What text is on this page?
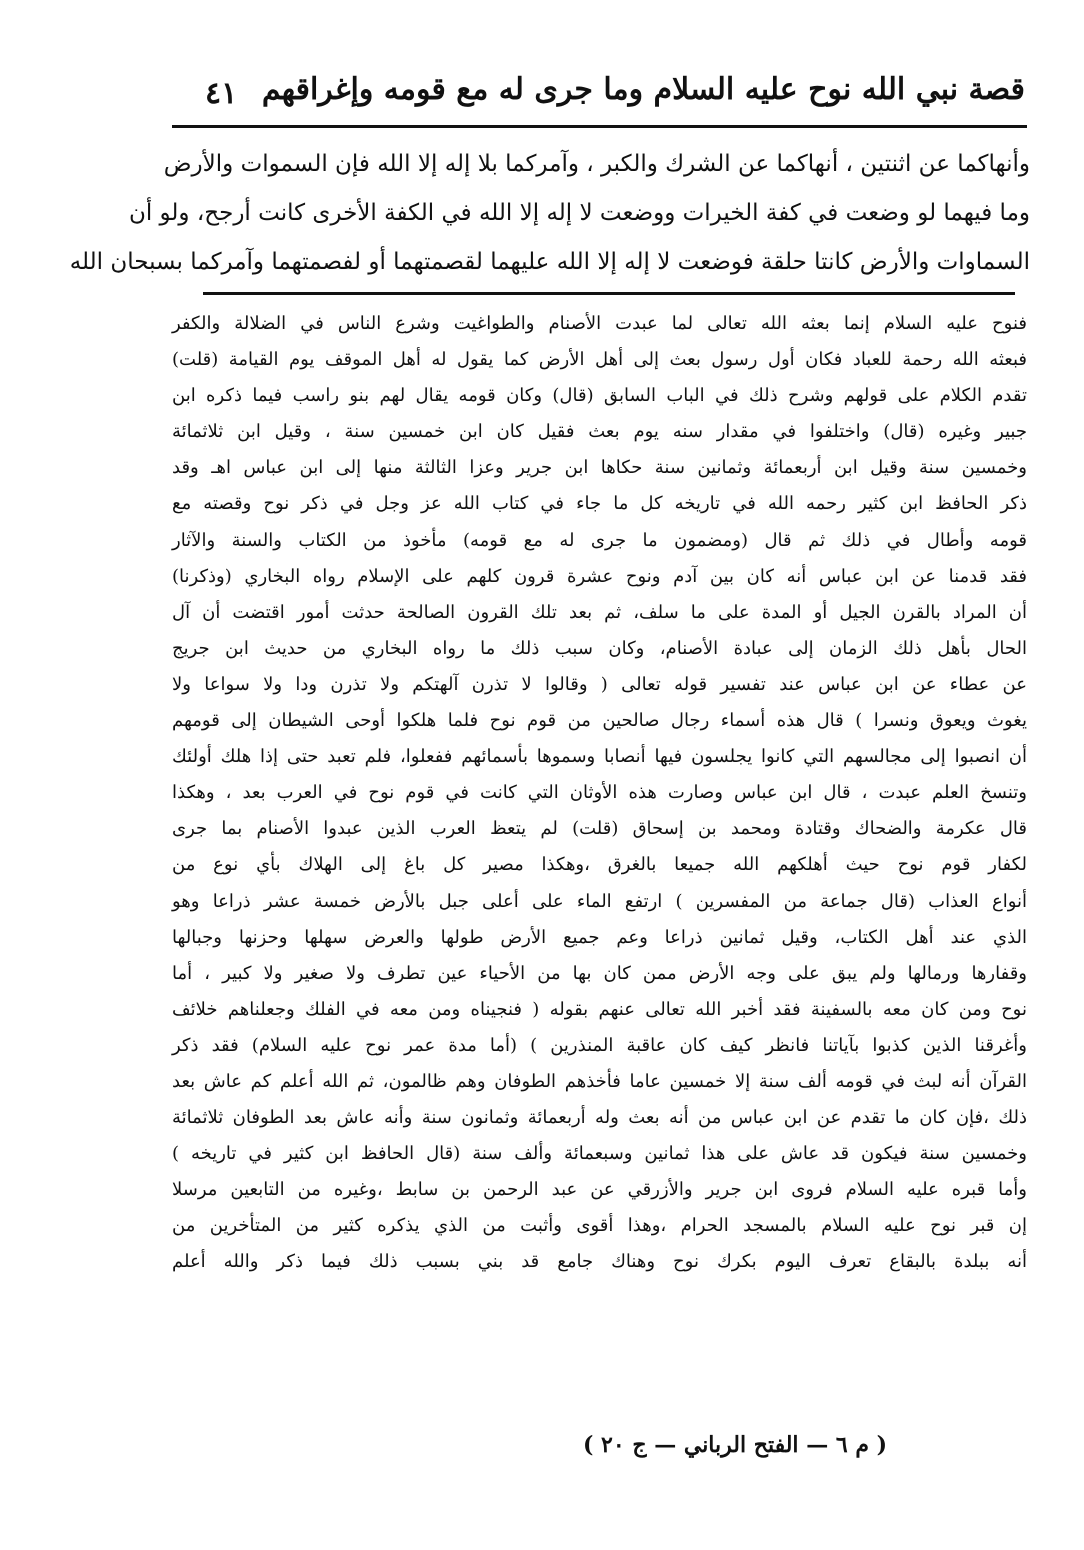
٤١ قصة نبي الله نوح عليه السلام وما جرى له مع قومه وإغراقهم
وأنهاكما عن اثنتين ، أنهاكما عن الشرك والكبر ، وآمركما بلا إله إلا الله فإن السموات والأرض
وما فيهما لو وضعت في كفة الخيرات ووضعت لا إله إلا الله في الكفة الأخرى كانت أرجح، ولو أن
السماوات والأرض كانتا حلقة فوضعت لا إله إلا الله عليهما لقصمتهما أو لفصمتهما وآمركما بسبحان الله
فنوح عليه السلام إنما بعثه الله تعالى لما عبدت الأصنام والطواغيت وشرع الناس في الضلالة والكفر
فبعثه الله رحمة للعباد فكان أول رسول بعث إلى أهل الأرض كما يقول له أهل الموقف يوم القيامة (قلت)
تقدم الكلام على قولهم وشرح ذلك في الباب السابق (قال) وكان قومه يقال لهم بنو راسب فيما ذكره ابن
جبير وغيره (قال) واختلفوا في مقدار سنه يوم بعث فقيل كان ابن خمسين سنة ، وقيل ابن ثلاثمائة
وخمسين سنة وقيل ابن أربعمائة وثمانين سنة حكاها ابن جرير وعزا الثالثة منها إلى ابن عباس اهـ وقد
ذكر الحافظ ابن كثير رحمه الله في تاريخه كل ما جاء في كتاب الله عز وجل في ذكر نوح وقصته مع
قومه وأطال في ذلك ثم قال (ومضمون ما جرى له مع قومه) مأخوذ من الكتاب والسنة والآثار
فقد قدمنا عن ابن عباس أنه كان بين آدم ونوح عشرة قرون كلهم على الإسلام رواه البخاري (وذكرنا)
أن المراد بالقرن الجيل أو المدة على ما سلف، ثم بعد تلك القرون الصالحة حدثت أمور اقتضت أن آل
الحال بأهل ذلك الزمان إلى عبادة الأصنام، وكان سبب ذلك ما رواه البخاري من حديث ابن جريج
عن عطاء عن ابن عباس عند تفسير قوله تعالى ( وقالوا لا تذرن آلهتكم ولا تذرن ودا ولا سواعا ولا
يغوث ويعوق ونسرا ) قال هذه أسماء رجال صالحين من قوم نوح فلما هلكوا أوحى الشيطان إلى قومهم
أن انصبوا إلى مجالسهم التي كانوا يجلسون فيها أنصابا وسموها بأسمائهم ففعلوا، فلم تعبد حتى إذا هلك أولئك
وتنسخ العلم عبدت ، قال ابن عباس وصارت هذه الأوثان التي كانت في قوم نوح في العرب بعد ، وهكذا
قال عكرمة والضحاك وقتادة ومحمد بن إسحاق (قلت) لم يتعظ العرب الذين عبدوا الأصنام بما جرى
لكفار قوم نوح حيث أهلكهم الله جميعا بالغرق ،وهكذا مصير كل باغ إلى الهلاك بأي نوع من
أنواع العذاب (قال جماعة من المفسرين ) ارتفع الماء على أعلى جبل بالأرض خمسة عشر ذراعا وهو
الذي عند أهل الكتاب، وقيل ثمانين ذراعا وعم جميع الأرض طولها والعرض سهلها وحزنها وجبالها
وقفارها ورمالها ولم يبق على وجه الأرض ممن كان بها من الأحياء عين تطرف ولا صغير ولا كبير ، أما
نوح ومن كان معه بالسفينة فقد أخبر الله تعالى عنهم بقوله ( فنجيناه ومن معه في الفلك وجعلناهم خلائف
وأغرقنا الذين كذبوا بآياتنا فانظر كيف كان عاقبة المنذرين ) (أما مدة عمر نوح عليه السلام) فقد ذكر
القرآن أنه لبث في قومه ألف سنة إلا خمسين عاما فأخذهم الطوفان وهم ظالمون، ثم الله أعلم كم عاش بعد
ذلك ،فإن كان ما تقدم عن ابن عباس من أنه بعث وله أربعمائة وثمانون سنة وأنه عاش بعد الطوفان ثلاثمائة
وخمسين سنة فيكون قد عاش على هذا ثمانين وسبعمائة وألف سنة (قال الحافظ ابن كثير في تاريخه )
وأما قبره عليه السلام فروى ابن جرير والأزرقي عن عبد الرحمن بن سابط ،وغيره من التابعين مرسلا
إن قبر نوح عليه السلام بالمسجد الحرام ،وهذا أقوى وأثبت من الذي يذكره كثير من المتأخرين من
أنه ببلدة بالبقاع تعرف اليوم بكرك نوح وهناك جامع قد بني بسبب ذلك فيما ذكر والله أعلم
( م ٦ — الفتح الرباني — ج ٢٠ )
